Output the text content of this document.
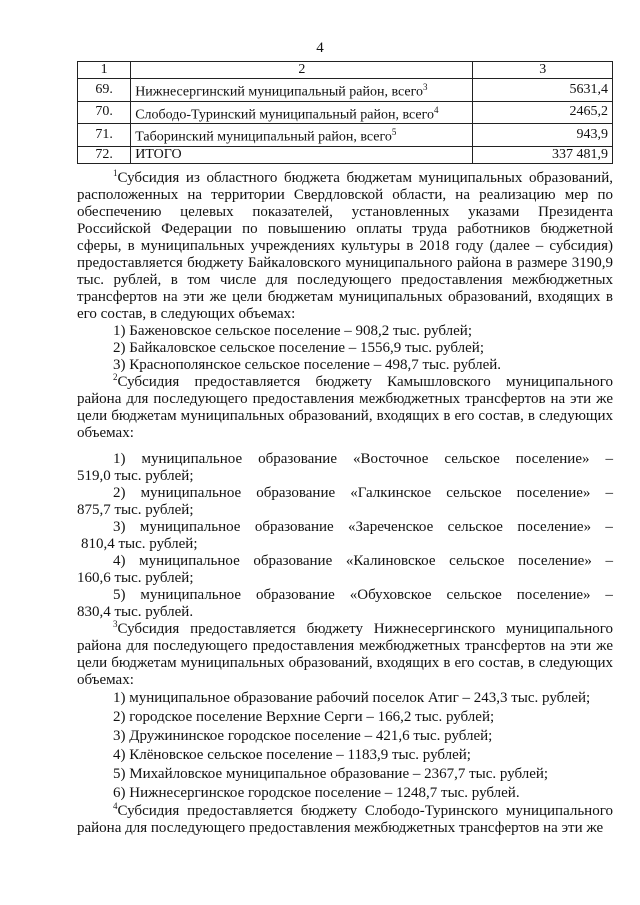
4
1	2	3
69.	Нижнесергинский муниципальный район, всего$^3$	5631,4
70.	Слободо-Туринский муниципальный район, всего$^4$	2465,2
71.	Таборинский муниципальный район, всего$^5$	943,9
72.	ИТОГО	337 481,9
$^1$Субсидия из областного бюджета бюджетам муниципальных образований, расположенных на территории Свердловской области, на реализацию мер по обеспечению целевых показателей, установленных указами Президента Российской Федерации по повышению оплаты труда работников бюджетной сферы, в муниципальных учреждениях культуры в 2018 году (далее – субсидия) предоставляется бюджету Байкаловского муниципального района в размере 3190,9 тыс. рублей, в том числе для последующего предоставления межбюджетных трансфертов на эти же цели бюджетам муниципальных образований, входящих в его состав, в следующих объемах:
1) Баженовское сельское поселение – 908,2 тыс. рублей;
2) Байкаловское сельское поселение – 1556,9 тыс. рублей;
3) Краснополянское сельское поселение – 498,7 тыс. рублей.
$^2$Субсидия предоставляется бюджету Камышловского муниципального района для последующего предоставления межбюджетных трансфертов на эти же цели бюджетам муниципальных образований, входящих в его состав, в следующих объемах:
1) муниципальное образование «Восточное сельское поселение» –
519,0 тыс. рублей;
2) муниципальное образование «Галкинское сельское поселение» –
875,7 тыс. рублей;
3) муниципальное образование «Зареченское сельское поселение» –
810,4 тыс. рублей;
4) муниципальное образование «Калиновское сельское поселение» –
160,6 тыс. рублей;
5) муниципальное образование «Обуховское сельское поселение» –
830,4 тыс. рублей.
$^3$Субсидия предоставляется бюджету Нижнесергинского муниципального района для последующего предоставления межбюджетных трансфертов на эти же цели бюджетам муниципальных образований, входящих в его состав, в следующих объемах:
1) муниципальное образование рабочий поселок Атиг – 243,3 тыс. рублей;
2) городское поселение Верхние Серги – 166,2 тыс. рублей;
3) Дружининское городское поселение – 421,6 тыс. рублей;
4) Клёновское сельское поселение – 1183,9 тыс. рублей;
5) Михайловское муниципальное образование – 2367,7 тыс. рублей;
6) Нижнесергинское городское поселение – 1248,7 тыс. рублей.
$^4$Субсидия предоставляется бюджету Слободо-Туринского муниципального района для последующего предоставления межбюджетных трансфертов на эти же
